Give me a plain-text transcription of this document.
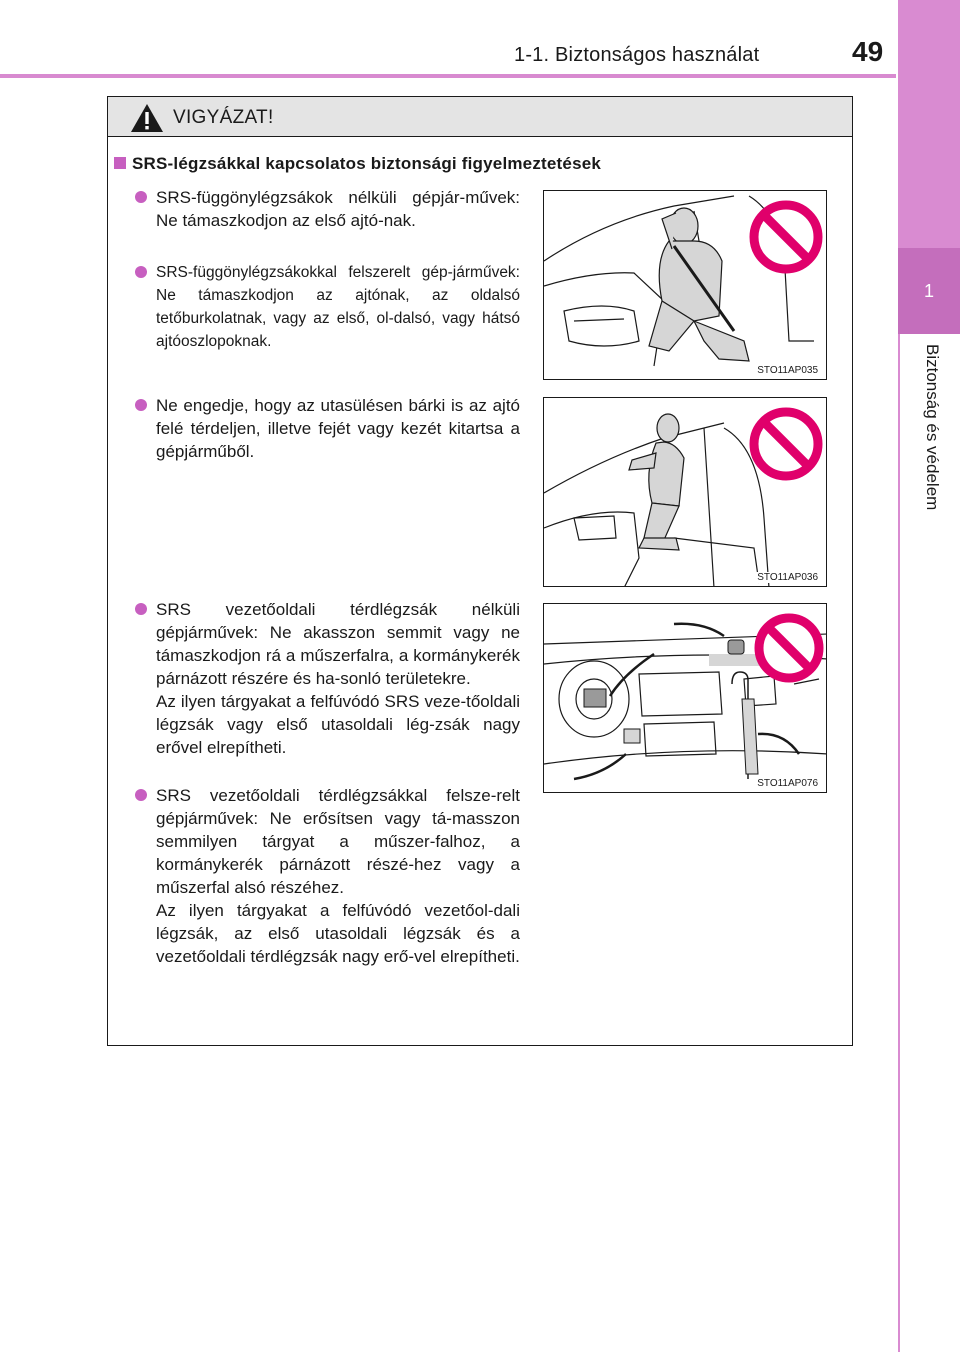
1-1. Biztonságos használat	49
1
Biztonság és védelem
VIGYÁZAT!
SRS-légzsákkal kapcsolatos biztonsági figyelmeztetések

SRS-függönylégzsákok nélküli gépjár-művek: Ne támaszkodjon az első ajtó-nak.

SRS-függönylégzsákokkal felszerelt gép-járművek: Ne támaszkodjon az ajtónak, az oldalsó tetőburkolatnak, vagy az első, ol-dalsó, vagy hátsó ajtóoszlopoknak.

Ne engedje, hogy az utasülésen bárki is az ajtó felé térdeljen, illetve fejét vagy kezét kitartsa a gépjárműből.

SRS vezetőoldali térdlégzsák nélküli gépjárművek: Ne akasszon semmit vagy ne támaszkodjon rá a műszerfalra, a kormánykerék párnázott részére és ha-sonló területekre.

Az ilyen tárgyakat a felfúvódó SRS veze-tőoldali légzsák vagy első utasoldali lég-zsák nagy erővel elrepítheti.

SRS vezetőoldali térdlégzsákkal felsze-relt gépjárművek: Ne erősítsen vagy tá-masszon semmilyen tárgyat a műszer-falhoz, a kormánykerék párnázott részé-hez vagy a műszerfal alsó részéhez.

Az ilyen tárgyakat a felfúvódó vezetőol-dali légzsák, az első utasoldali légzsák és a vezetőoldali térdlégzsák nagy erő-vel elrepítheti.

STO11AP035
STO11AP036
STO11AP076
